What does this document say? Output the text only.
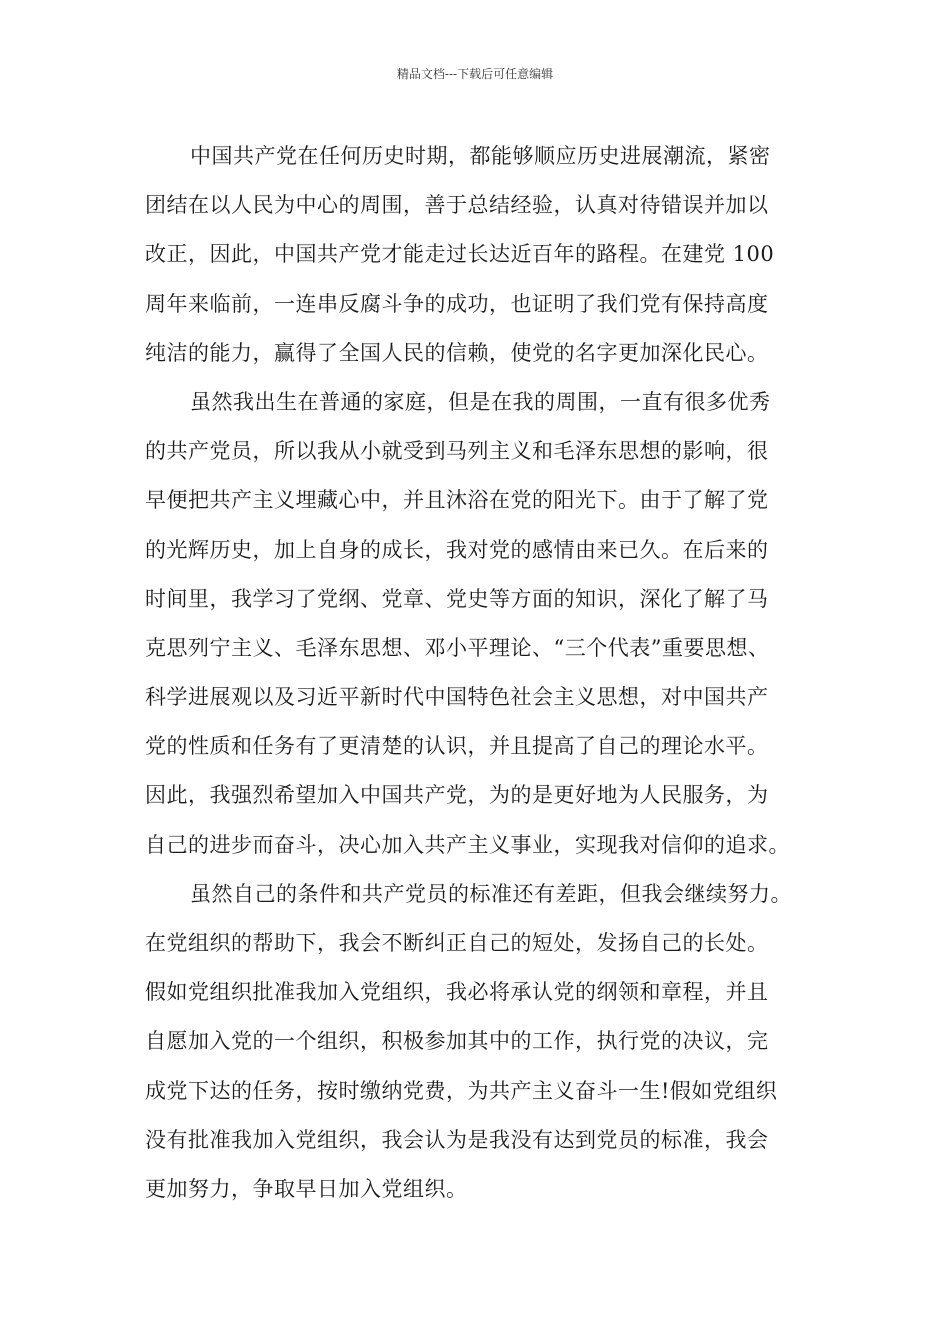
精品文档---下载后可任意编辑
中国共产党在任何历史时期，都能够顺应历史进展潮流，紧密
团结在以人民为中心的周围，善于总结经验，认真对待错误并加以
改正，因此，中国共产党才能走过长达近百年的路程。在建党 100
周年来临前，一连串反腐斗争的成功，也证明了我们党有保持高度
纯洁的能力，赢得了全国人民的信赖，使党的名字更加深化民心。
虽然我出生在普通的家庭，但是在我的周围，一直有很多优秀
的共产党员，所以我从小就受到马列主义和毛泽东思想的影响，很
早便把共产主义埋藏心中，并且沐浴在党的阳光下。由于了解了党
的光辉历史，加上自身的成长，我对党的感情由来已久。在后来的
时间里，我学习了党纲、党章、党史等方面的知识，深化了解了马
克思列宁主义、毛泽东思想、邓小平理论、“三个代表”重要思想、
科学进展观以及习近平新时代中国特色社会主义思想，对中国共产
党的性质和任务有了更清楚的认识，并且提高了自己的理论水平。
因此，我强烈希望加入中国共产党，为的是更好地为人民服务，为
自己的进步而奋斗，决心加入共产主义事业，实现我对信仰的追求。
虽然自己的条件和共产党员的标准还有差距，但我会继续努力。
在党组织的帮助下，我会不断纠正自己的短处，发扬自己的长处。
假如党组织批准我加入党组织，我必将承认党的纲领和章程，并且
自愿加入党的一个组织，积极参加其中的工作，执行党的决议，完
成党下达的任务，按时缴纳党费，为共产主义奋斗一生!假如党组织
没有批准我加入党组织，我会认为是我没有达到党员的标准，我会
更加努力，争取早日加入党组织。
